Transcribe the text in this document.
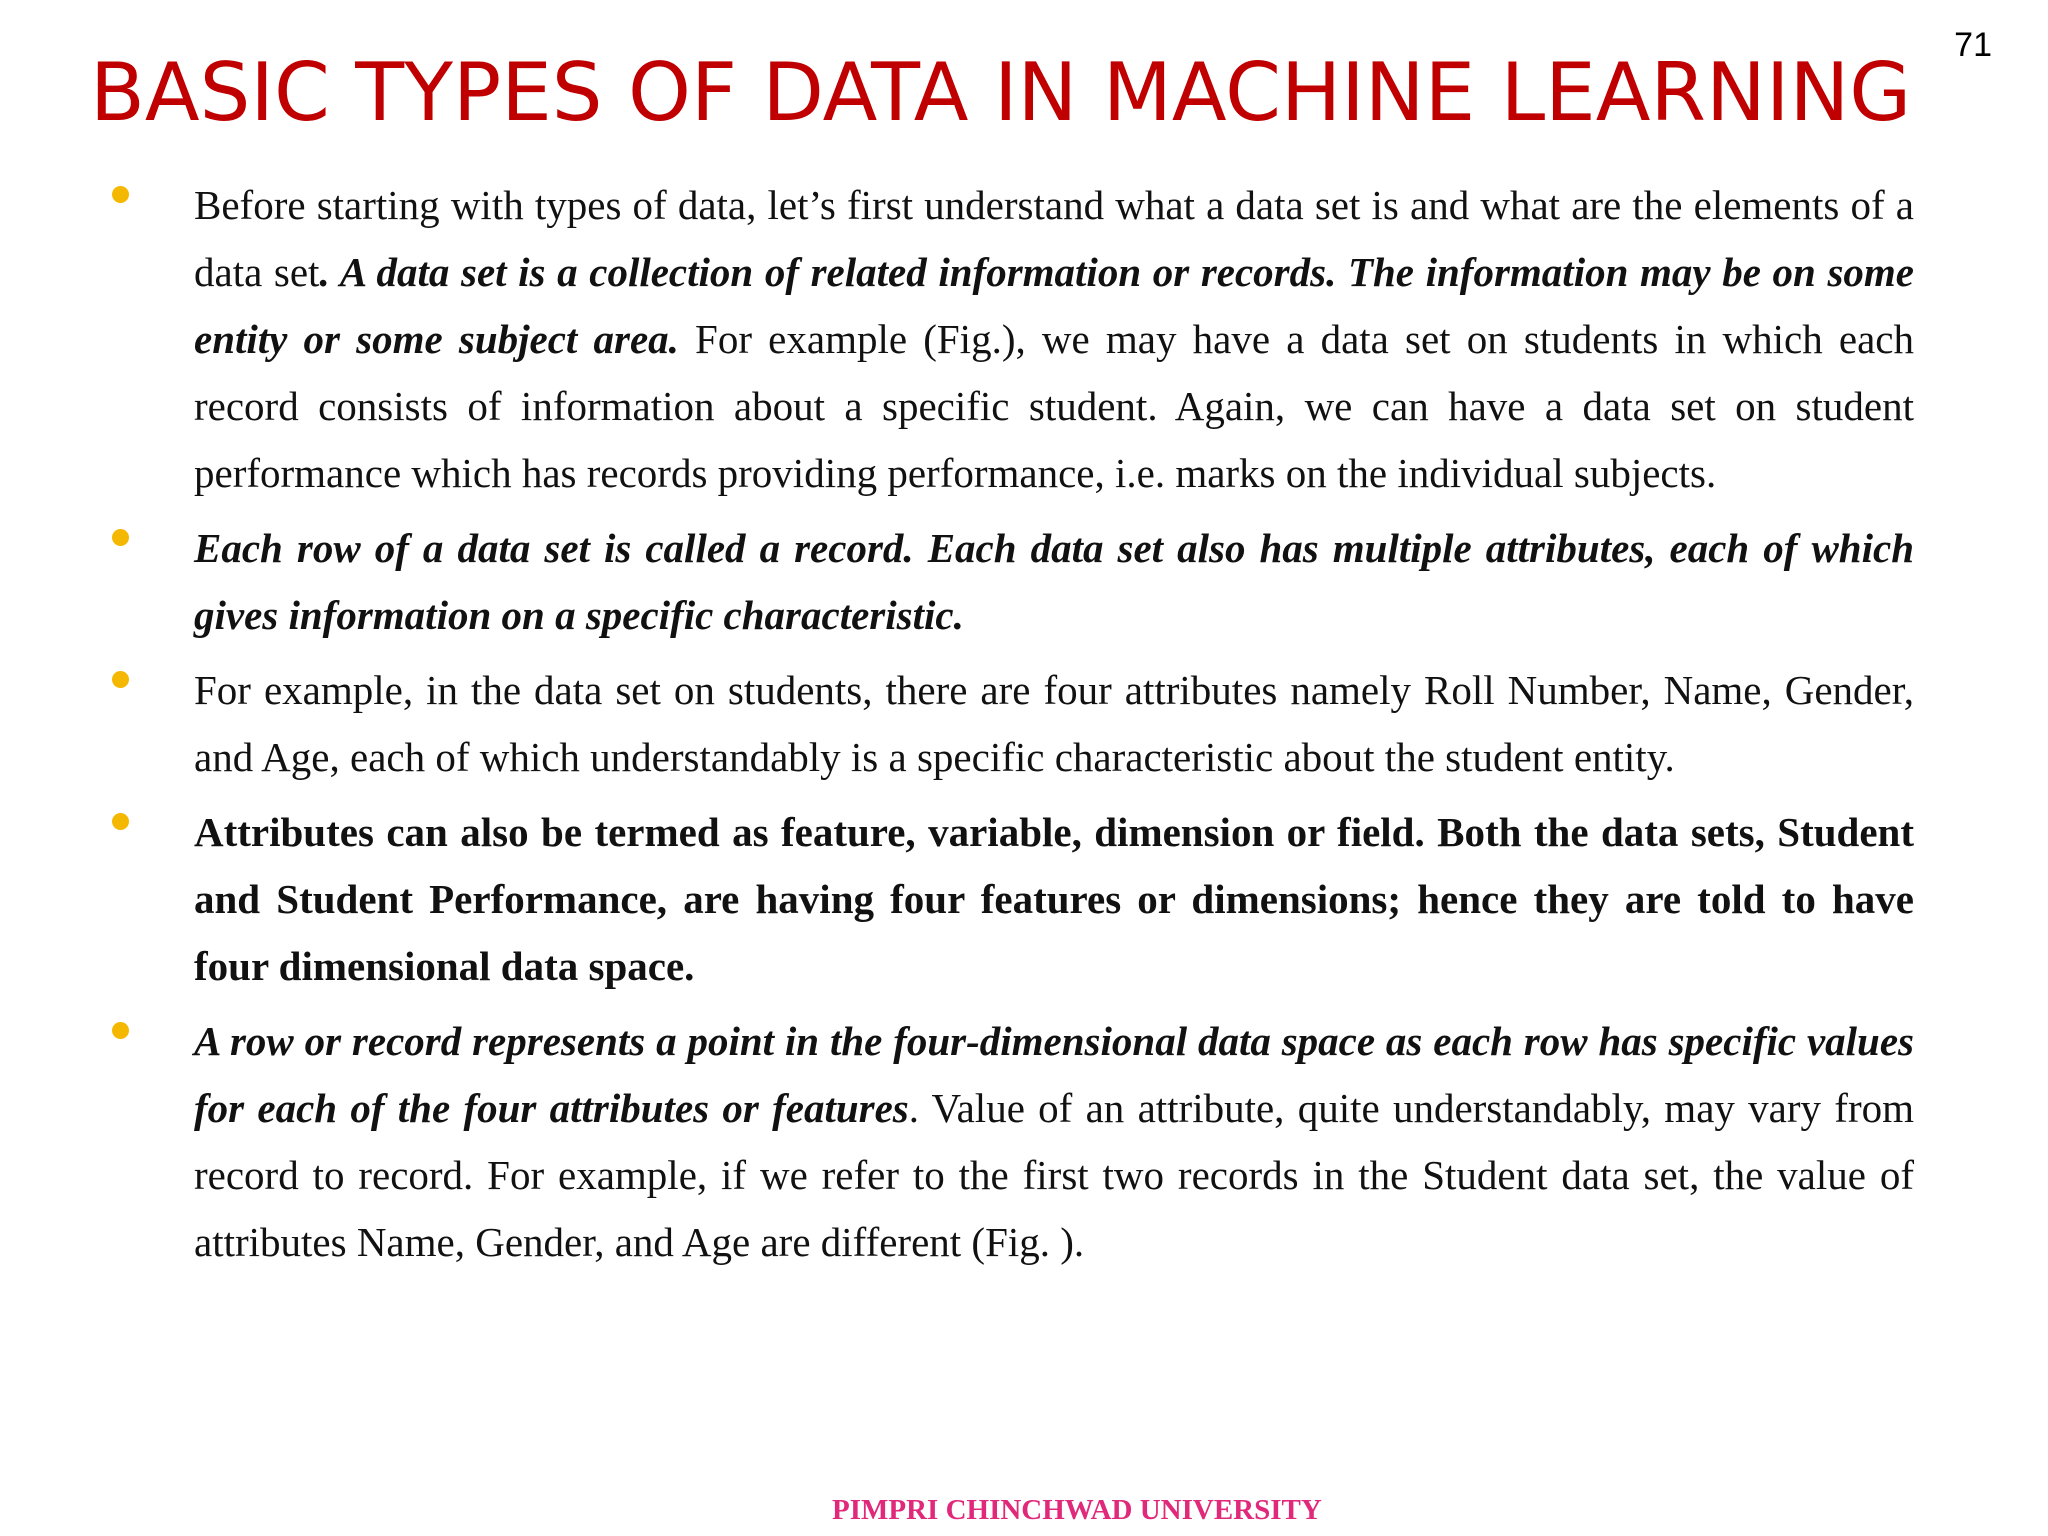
BASIC TYPES OF DATA IN MACHINE LEARNING
71

Before starting with types of data, let’s first understand what a data set is and what are the elements of a data set. A data set is a collection of related information or records. The information may be on some entity or some subject area. For example (Fig.), we may have a data set on students in which each record consists of information about a specific student. Again, we can have a data set on student performance which has records providing performance, i.e. marks on the individual subjects.

Each row of a data set is called a record. Each data set also has multiple attributes, each of which gives information on a specific characteristic.

For example, in the data set on students, there are four attributes namely Roll Number, Name, Gender, and Age, each of which understandably is a specific characteristic about the student entity.

Attributes can also be termed as feature, variable, dimension or field. Both the data sets, Student and Student Performance, are having four features or dimensions; hence they are told to have four dimensional data space.

A row or record represents a point in the four-dimensional data space as each row has specific values for each of the four attributes or features. Value of an attribute, quite understandably, may vary from record to record. For example, if we refer to the first two records in the Student data set, the value of attributes Name, Gender, and Age are different (Fig. ).

PIMPRI CHINCHWAD UNIVERSITY
